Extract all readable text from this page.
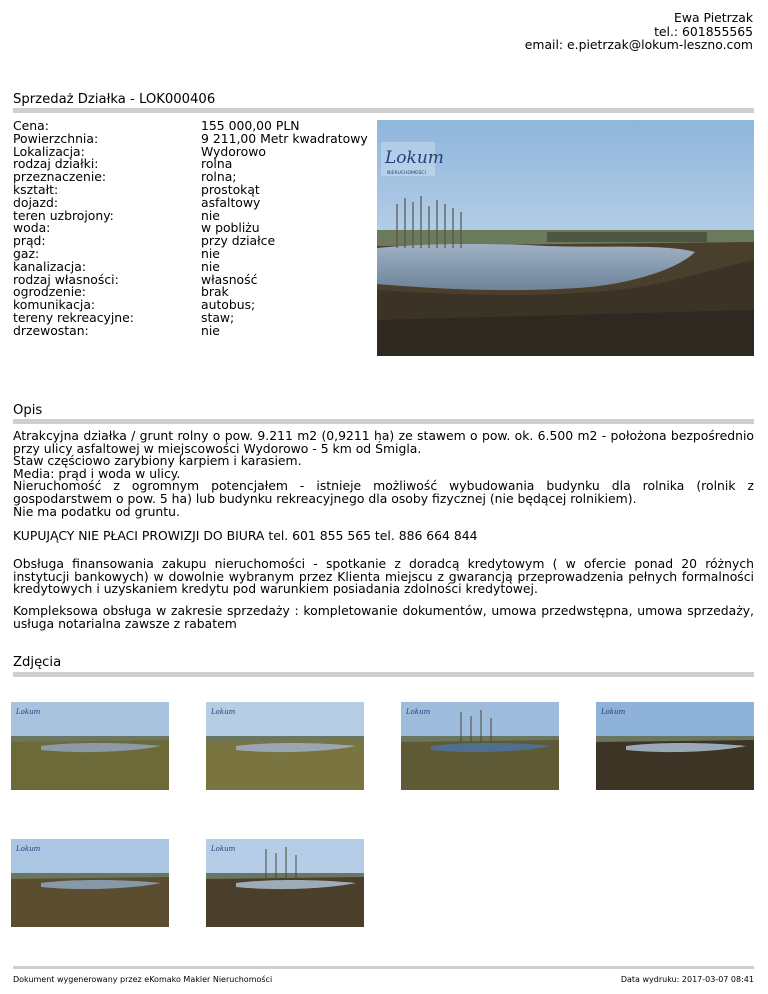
Ewa Pietrzak
tel.: 601855565
email: e.pietrzak@lokum-leszno.com
Sprzedaż Działka - LOK000406
Cena:	155 000,00 PLN
Powierzchnia:	9 211,00 Metr kwadratowy
Lokalizacja:	Wydorowo
rodzaj działki:	rolna
przeznaczenie:	rolna;
kształt:	prostokąt
dojazd:	asfaltowy
teren uzbrojony:	nie
woda:	w pobliżu
prąd:	przy działce
gaz:	nie
kanalizacja:	nie
rodzaj własności:	własność
ogrodzenie:	brak
komunikacja:	autobus;
tereny rekreacyjne:	staw;
drzewostan:	nie
Lokum
NIERUCHOMOŚCI
Opis

Atrakcyjna działka / grunt rolny o pow. 9.211 m2 (0,9211 ha) ze stawem o pow. ok. 6.500 m2 - położona bezpośrednio przy ulicy asfaltowej w miejscowości Wydorowo - 5 km od Śmigla.

Staw częściowo zarybiony karpiem i karasiem.

Media: prąd i woda w ulicy.

Nieruchomość z ogromnym potencjałem - istnieje możliwość wybudowania budynku dla rolnika (rolnik z gospodarstwem o pow. 5 ha) lub budynku rekreacyjnego dla osoby fizycznej (nie będącej rolnikiem).

Nie ma podatku od gruntu.

KUPUJĄCY NIE PŁACI PROWIZJI DO BIURA tel. 601 855 565 tel. 886 664 844
Obsługa finansowania zakupu nieruchomości - spotkanie z doradcą kredytowym ( w ofercie ponad 20 różnych instytucji bankowych) w dowolnie wybranym przez Klienta miejscu z gwarancją przeprowadzenia pełnych formalności kredytowych i uzyskaniem kredytu pod warunkiem posiadania zdolności kredytowej.
Kompleksowa obsługa w zakresie sprzedaży : kompletowanie dokumentów, umowa przedwstępna, umowa sprzedaży, usługa notarialna zawsze z rabatem
Zdjęcia
Lokum	Lokum	Lokum	Lokum
Lokum	Lokum
Dokument wygenerowany przez eKomako Makler Nieruchomości	Data wydruku: 2017-03-07 08:41
